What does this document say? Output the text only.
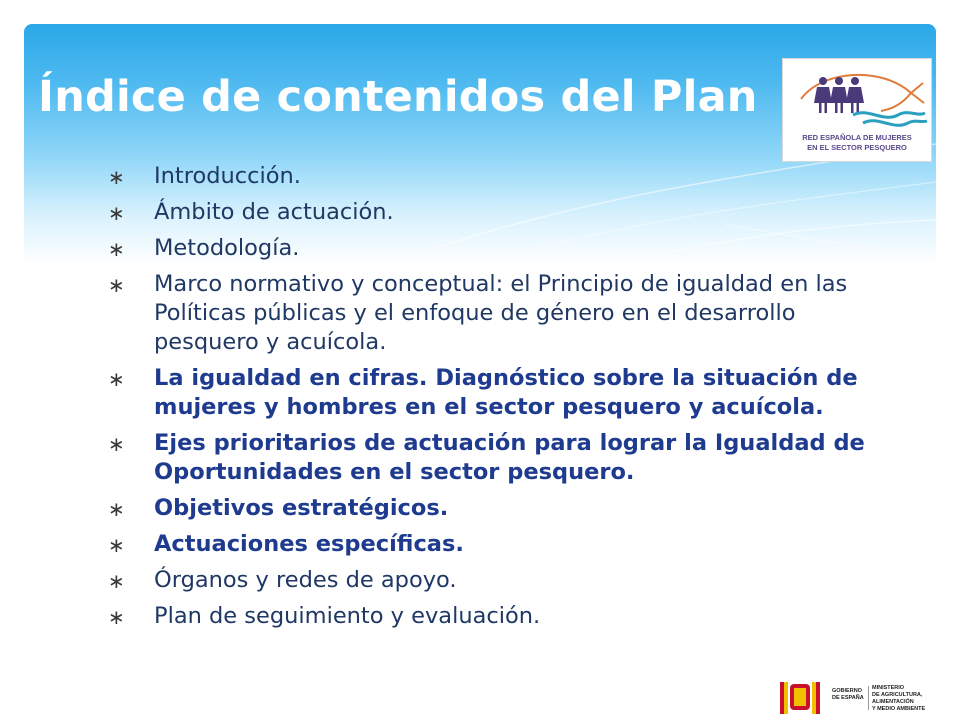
Índice de contenidos del Plan
RED ESPAÑOLA DE MUJERES
EN EL SECTOR PESQUERO
∗ Introducción.
∗ Ámbito de actuación.
∗ Metodología.
∗ Marco normativo y conceptual: el Principio de igualdad en las Políticas públicas y el enfoque de género en el desarrollo pesquero y acuícola.
∗ La igualdad en cifras. Diagnóstico sobre la situación de mujeres y hombres en el sector pesquero y acuícola.
∗ Ejes prioritarios de actuación para lograr la Igualdad de Oportunidades en el sector pesquero.
∗ Objetivos estratégicos.
∗ Actuaciones específicas.
∗ Órganos y redes de apoyo.
∗ Plan de seguimiento y evaluación.
GOBIERNO
DE ESPAÑA
MINISTERIO
DE AGRICULTURA, ALIMENTACIÓN
Y MEDIO AMBIENTE
